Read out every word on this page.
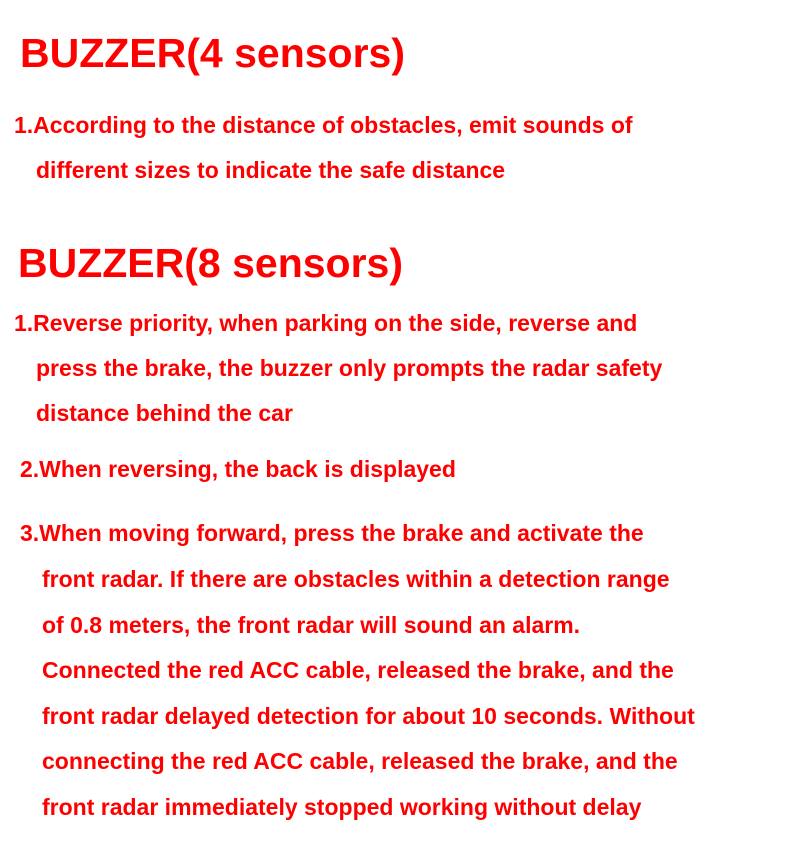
BUZZER(4 sensors)

1.According to the distance of obstacles, emit sounds of

different sizes to indicate the safe distance

BUZZER(8 sensors)

1.Reverse priority, when parking on the side, reverse and

press the brake, the buzzer only prompts the radar safety

distance behind the car

2.When reversing, the back is displayed

3.When moving forward, press the brake and activate the

front radar. If there are obstacles within a detection range

of 0.8 meters, the front radar will sound an alarm.

Connected the red ACC cable, released the brake, and the

front radar delayed detection for about 10 seconds. Without

connecting the red ACC cable, released the brake, and the

front radar immediately stopped working without delay
